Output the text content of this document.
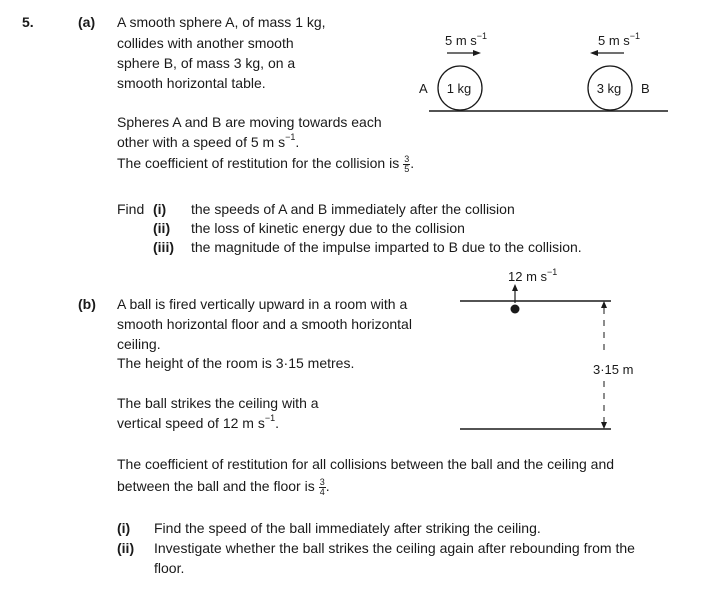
5.	(a) A smooth sphere A, of mass 1 kg,
collides with another smooth
sphere B, of mass 3 kg, on a
smooth horizontal table.
Spheres A and B are moving towards each
other with a speed of 5 m $s^{-1}$.
The coefficient of restitution for the collision is $\frac{3}{5}$ .
Find (i) the speeds of A and B immediately after the collision
(ii) the loss of kinetic energy due to the collision
(iii) the magnitude of the impulse imparted to B due to the collision.
1 kg
A	3 kg B
5 m $s^{-1}$	5 m $s^{-1}$
(b) A ball is fired vertically upward in a room with a
smooth horizontal floor and a smooth horizontal
ceiling.
The height of the room is 3·15 metres.
The ball strikes the ceiling with a
vertical speed of 12 m $s^{-1}$.
The coefficient of restitution for all collisions between the ball and the ceiling and
between the ball and the floor is $\frac{3}{4}$ .
(i) Find the speed of the ball immediately after striking the ceiling.
(ii) Investigate whether the ball strikes the ceiling again after rebounding from the
floor.
12 m $s^{-1}$
3·15 m
